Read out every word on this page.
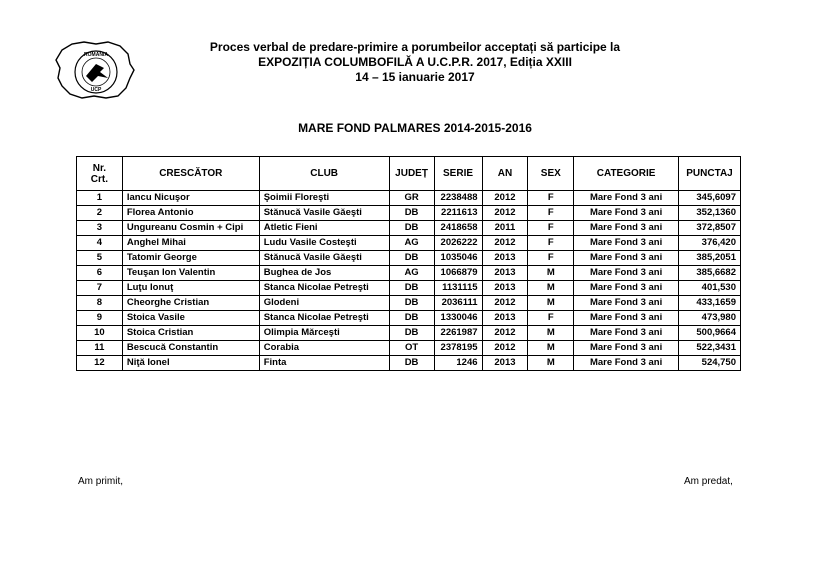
ROMÂNIA
UCP
Proces verbal de predare-primire a porumbeilor acceptați să participe la
EXPOZIȚIA COLUMBOFILĂ A U.C.P.R. 2017, Ediția XXIII
14 – 15 ianuarie 2017
MARE FOND PALMARES 2014-2015-2016
Nr.
Crt.	CRESCĂTOR	CLUB	JUDEȚ	SERIE	AN	SEX	CATEGORIE	PUNCTAJ
1	Iancu Nicuşor	Şoimii Floreşti	GR	2238488	2012	F	Mare Fond 3 ani	345,6097
2	Florea Antonio	Stănucă Vasile Găeşti	DB	2211613	2012	F	Mare Fond 3 ani	352,1360
3	Ungureanu Cosmin + Cipi	Atletic Fieni	DB	2418658	2011	F	Mare Fond 3 ani	372,8507
4	Anghel Mihai	Ludu Vasile Costeşti	AG	2026222	2012	F	Mare Fond 3 ani	376,420
5	Tatomir George	Stănucă Vasile Găeşti	DB	1035046	2013	F	Mare Fond 3 ani	385,2051
6	Teuşan Ion Valentin	Bughea de Jos	AG	1066879	2013	M	Mare Fond 3 ani	385,6682
7	Luţu Ionuţ	Stanca Nicolae Petreşti	DB	1131115	2013	M	Mare Fond 3 ani	401,530
8	Cheorghe Cristian	Glodeni	DB	2036111	2012	M	Mare Fond 3 ani	433,1659
9	Stoica Vasile	Stanca Nicolae Petreşti	DB	1330046	2013	F	Mare Fond 3 ani	473,980
10	Stoica Cristian	Olimpia Mărceşti	DB	2261987	2012	M	Mare Fond 3 ani	500,9664
11	Bescucă Constantin	Corabia	OT	2378195	2012	M	Mare Fond 3 ani	522,3431
12	Niţă Ionel	Finta	DB	1246	2013	M	Mare Fond 3 ani	524,750
Am primit,	Am predat,
